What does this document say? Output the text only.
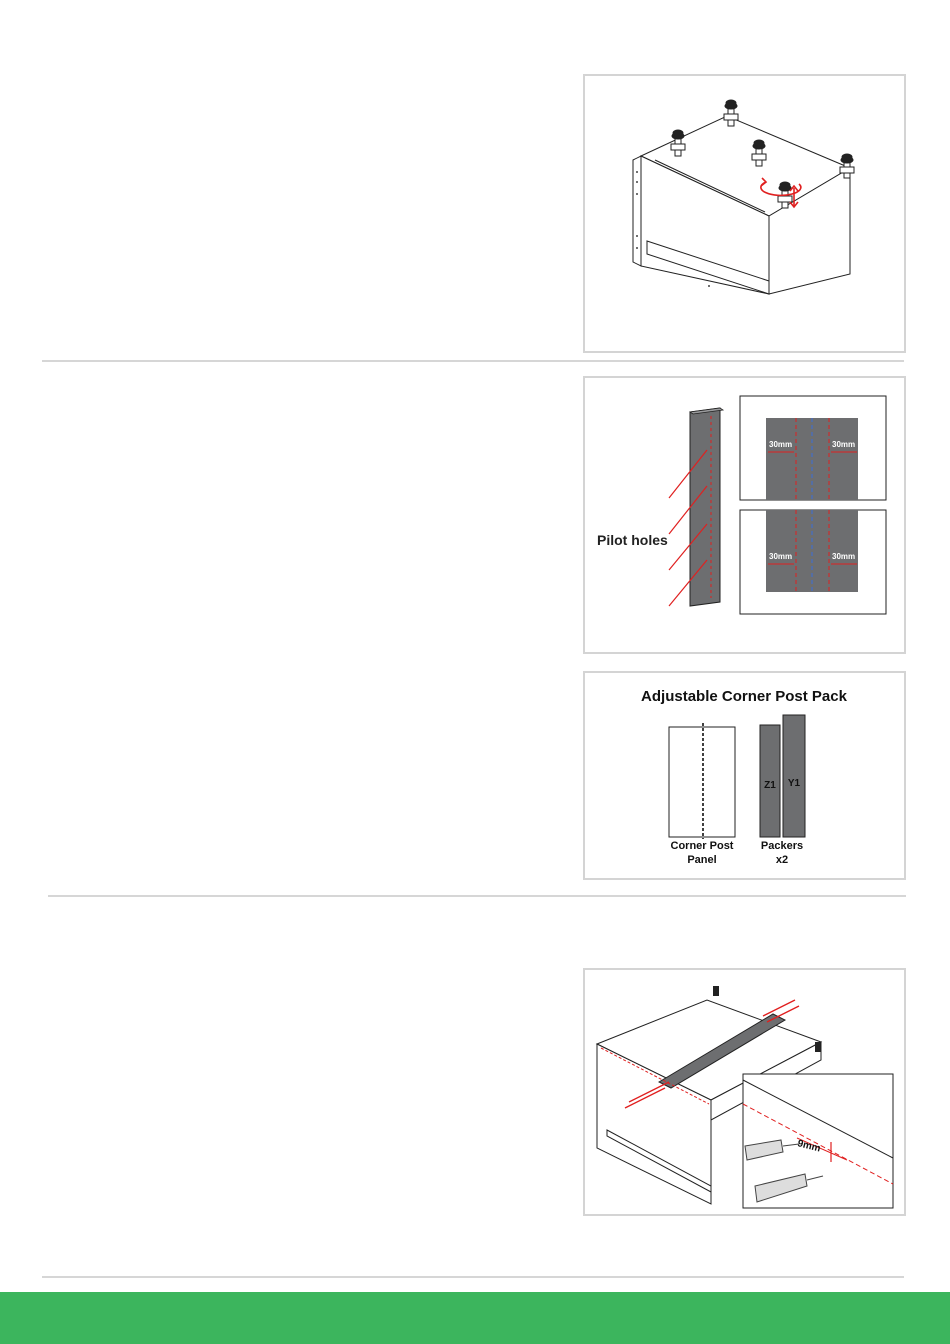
Pilot holes
30mm	30mm
30mm	30mm
Adjustable Corner Post Pack
Z1 Y1
Corner Post
Panel
Packers
x2
9mm
